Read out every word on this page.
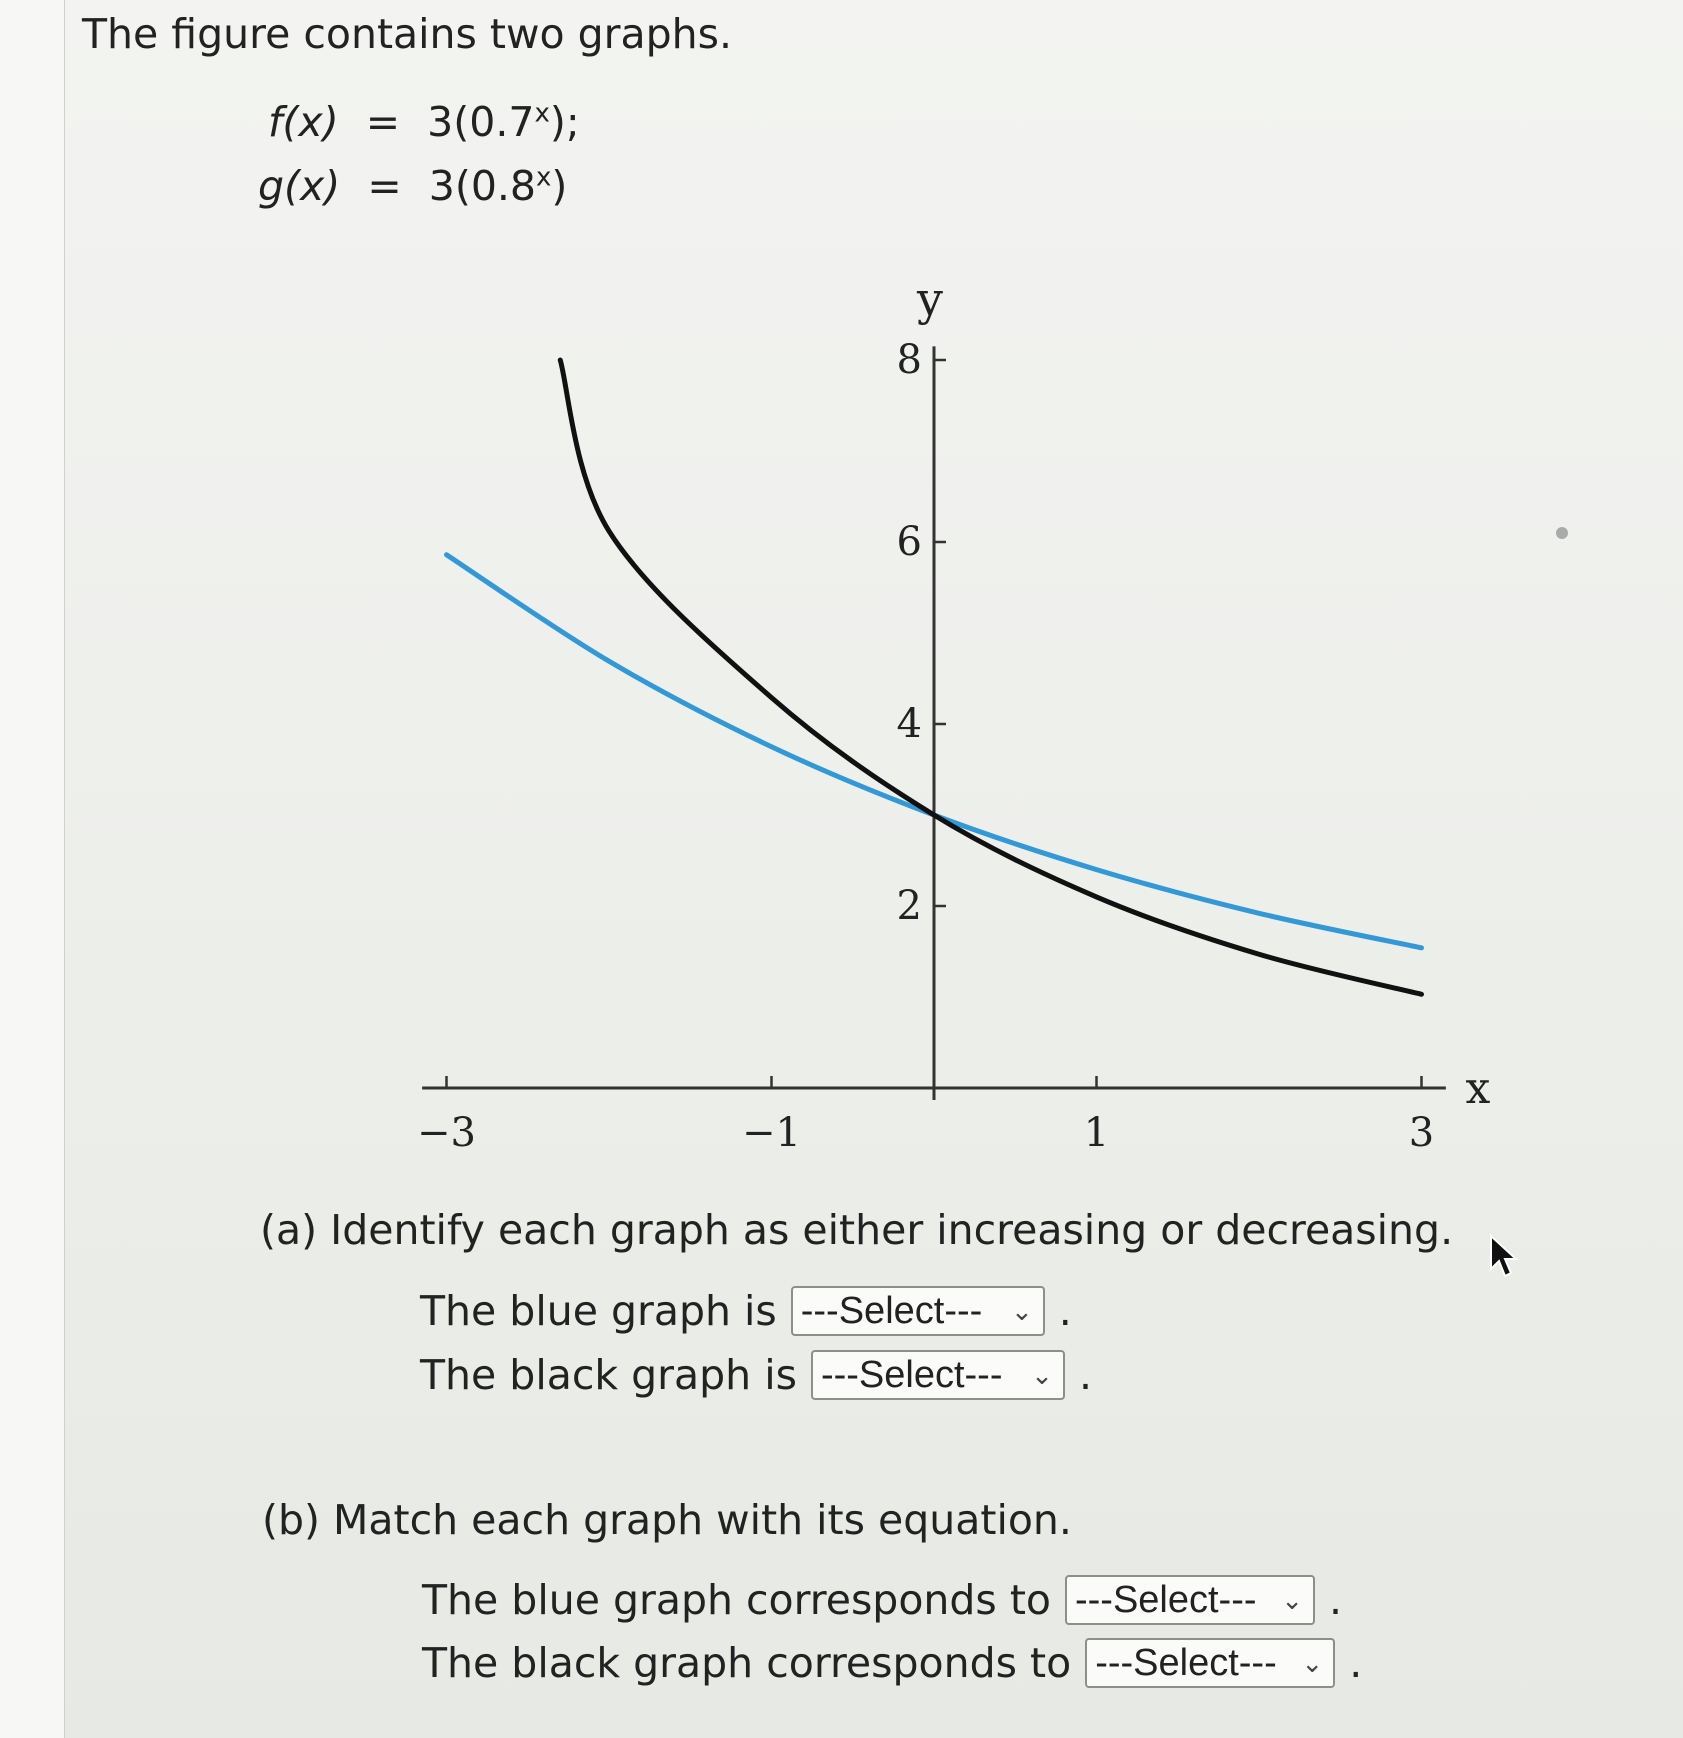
The figure contains two graphs.
$f(x) = 3(0.7^x)$;
$g(x) = 3(0.8^x)$
−3	−1	1	3
2
4
6
8
x
y
(a) Identify each graph as either increasing or decreasing.
The blue graph is ---Select--- ⌄ .
The black graph is ---Select--- ⌄ .
(b) Match each graph with its equation.
The blue graph corresponds to ---Select--- ⌄ .
The black graph corresponds to ---Select--- ⌄ .
